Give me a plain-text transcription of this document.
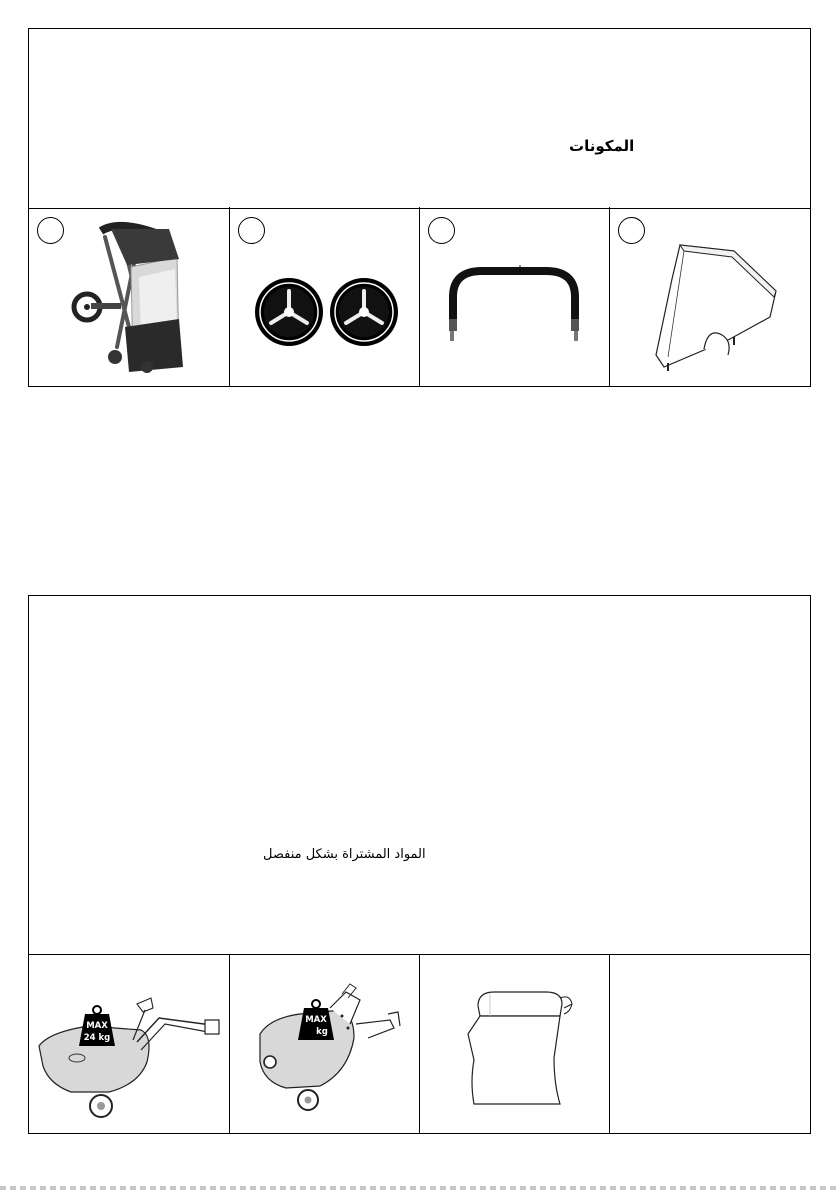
المكونات
المواد المشتراة بشكل منفصل
MAX
24 kg
MAX
kg
